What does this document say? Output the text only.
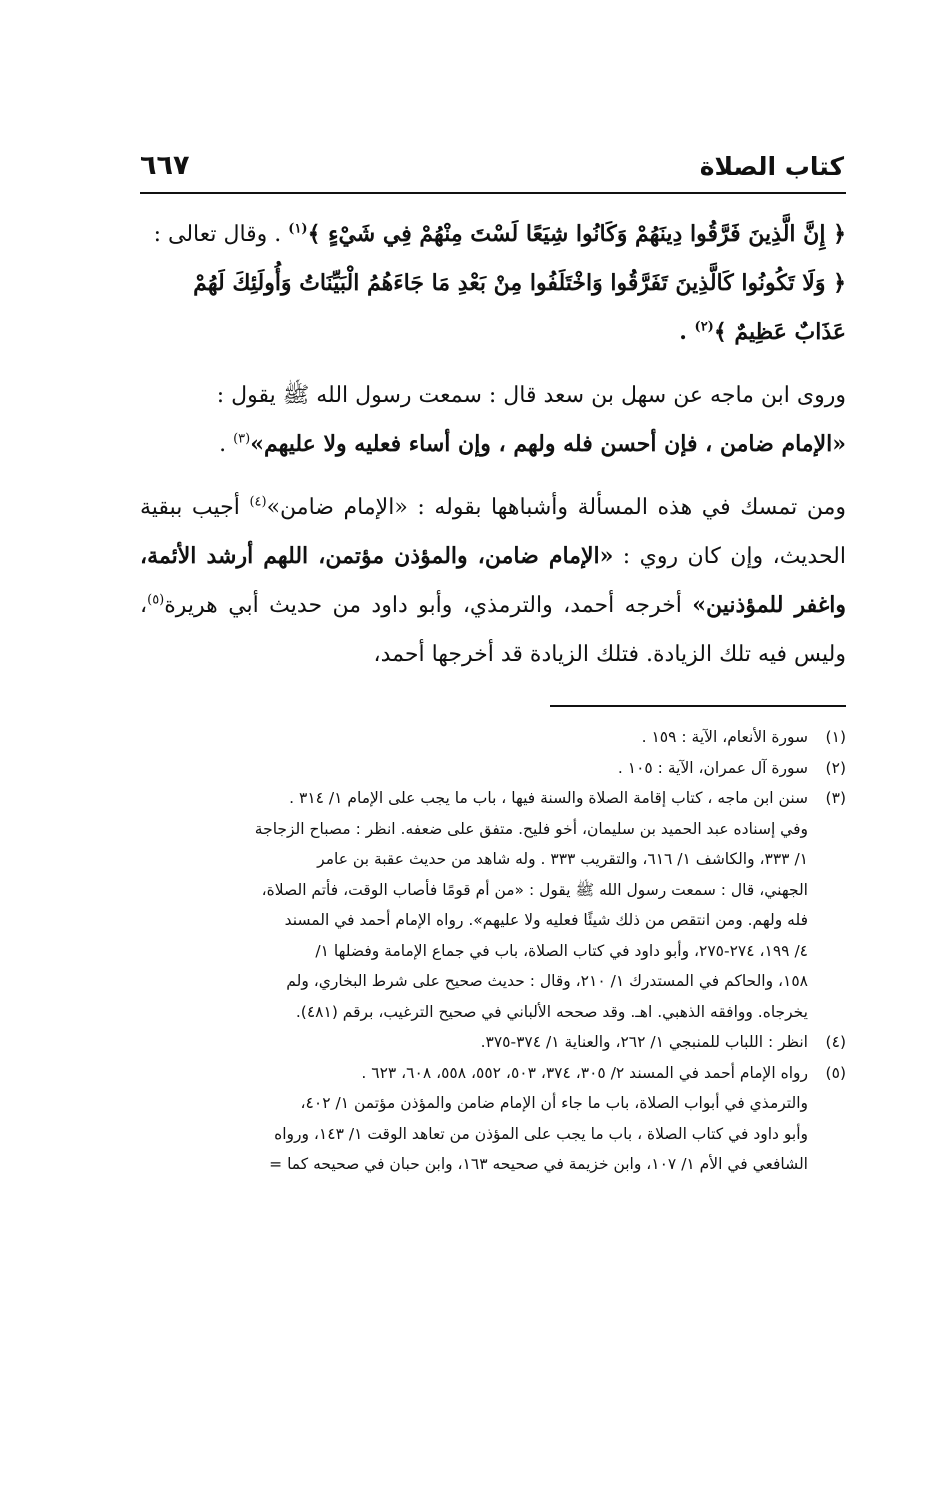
كتاب الصلاة
٦٦٧

﴿ إِنَّ الَّذِينَ فَرَّقُوا دِينَهُمْ وَكَانُوا شِيَعًا لَسْتَ مِنْهُمْ فِي شَيْءٍ ﴾$^{(١)}$ . وقال تعالى :
﴿ وَلَا تَكُونُوا كَالَّذِينَ تَفَرَّقُوا وَاخْتَلَفُوا مِنْ بَعْدِ مَا جَاءَهُمُ الْبَيِّنَاتُ وَأُولَئِكَ لَهُمْ
عَذَابٌ عَظِيمٌ ﴾$^{(٢)}$ .

وروى ابن ماجه عن سهل بن سعد قال : سمعت رسول الله ﷺ يقول :
«الإمام ضامن ، فإن أحسن فله ولهم ، وإن أساء فعليه ولا عليهم»$^{(٣)}$ .

ومن تمسك في هذه المسألة وأشباهها بقوله : «الإمام ضامن»$^{(٤)}$ أجيب ببقية الحديث، وإن كان روي : «الإمام ضامن، والمؤذن مؤتمن، اللهم أرشد الأئمة، واغفر للمؤذنين» أخرجه أحمد، والترمذي، وأبو داود من حديث أبي هريرة$^{(٥)}$، وليس فيه تلك الزيادة. فتلك الزيادة قد أخرجها أحمد،

(١)
سورة الأنعام، الآية : ١٥٩ .
(٢)
سورة آل عمران، الآية : ١٠٥ .
(٣)
سنن ابن ماجه ، كتاب إقامة الصلاة والسنة فيها ، باب ما يجب على الإمام ١/ ٣١٤ .
وفي إسناده عبد الحميد بن سليمان، أخو فليح. متفق على ضعفه. انظر : مصباح الزجاجة
١/ ٣٣٣، والكاشف ١/ ٦١٦، والتقريب ٣٣٣ . وله شاهد من حديث عقبة بن عامر
الجهني، قال : سمعت رسول الله ﷺ يقول : «من أم قومًا فأصاب الوقت، فأتم الصلاة،
فله ولهم. ومن انتقص من ذلك شيئًا فعليه ولا عليهم». رواه الإمام أحمد في المسند
٤/ ١٩٩، ٢٧٤-٢٧٥، وأبو داود في كتاب الصلاة، باب في جماع الإمامة وفضلها ١/
١٥٨، والحاكم في المستدرك ١/ ٢١٠، وقال : حديث صحيح على شرط البخاري، ولم
يخرجاه. ووافقه الذهبي. اهـ. وقد صححه الألباني في صحيح الترغيب، برقم (٤٨١).
(٤)
انظر : اللباب للمنبجي ١/ ٢٦٢، والعناية ١/ ٣٧٤-٣٧٥.
(٥)
رواه الإمام أحمد في المسند ٢/ ٣٠٥، ٣٧٤، ٥٠٣، ٥٥٢، ٥٥٨، ٦٠٨، ٦٢٣ .
والترمذي في أبواب الصلاة، باب ما جاء أن الإمام ضامن والمؤذن مؤتمن ١/ ٤٠٢،
وأبو داود في كتاب الصلاة ، باب ما يجب على المؤذن من تعاهد الوقت ١/ ١٤٣، ورواه
الشافعي في الأم ١/ ١٠٧، وابن خزيمة في صحيحه ١٦٣، وابن حبان في صحيحه كما =
